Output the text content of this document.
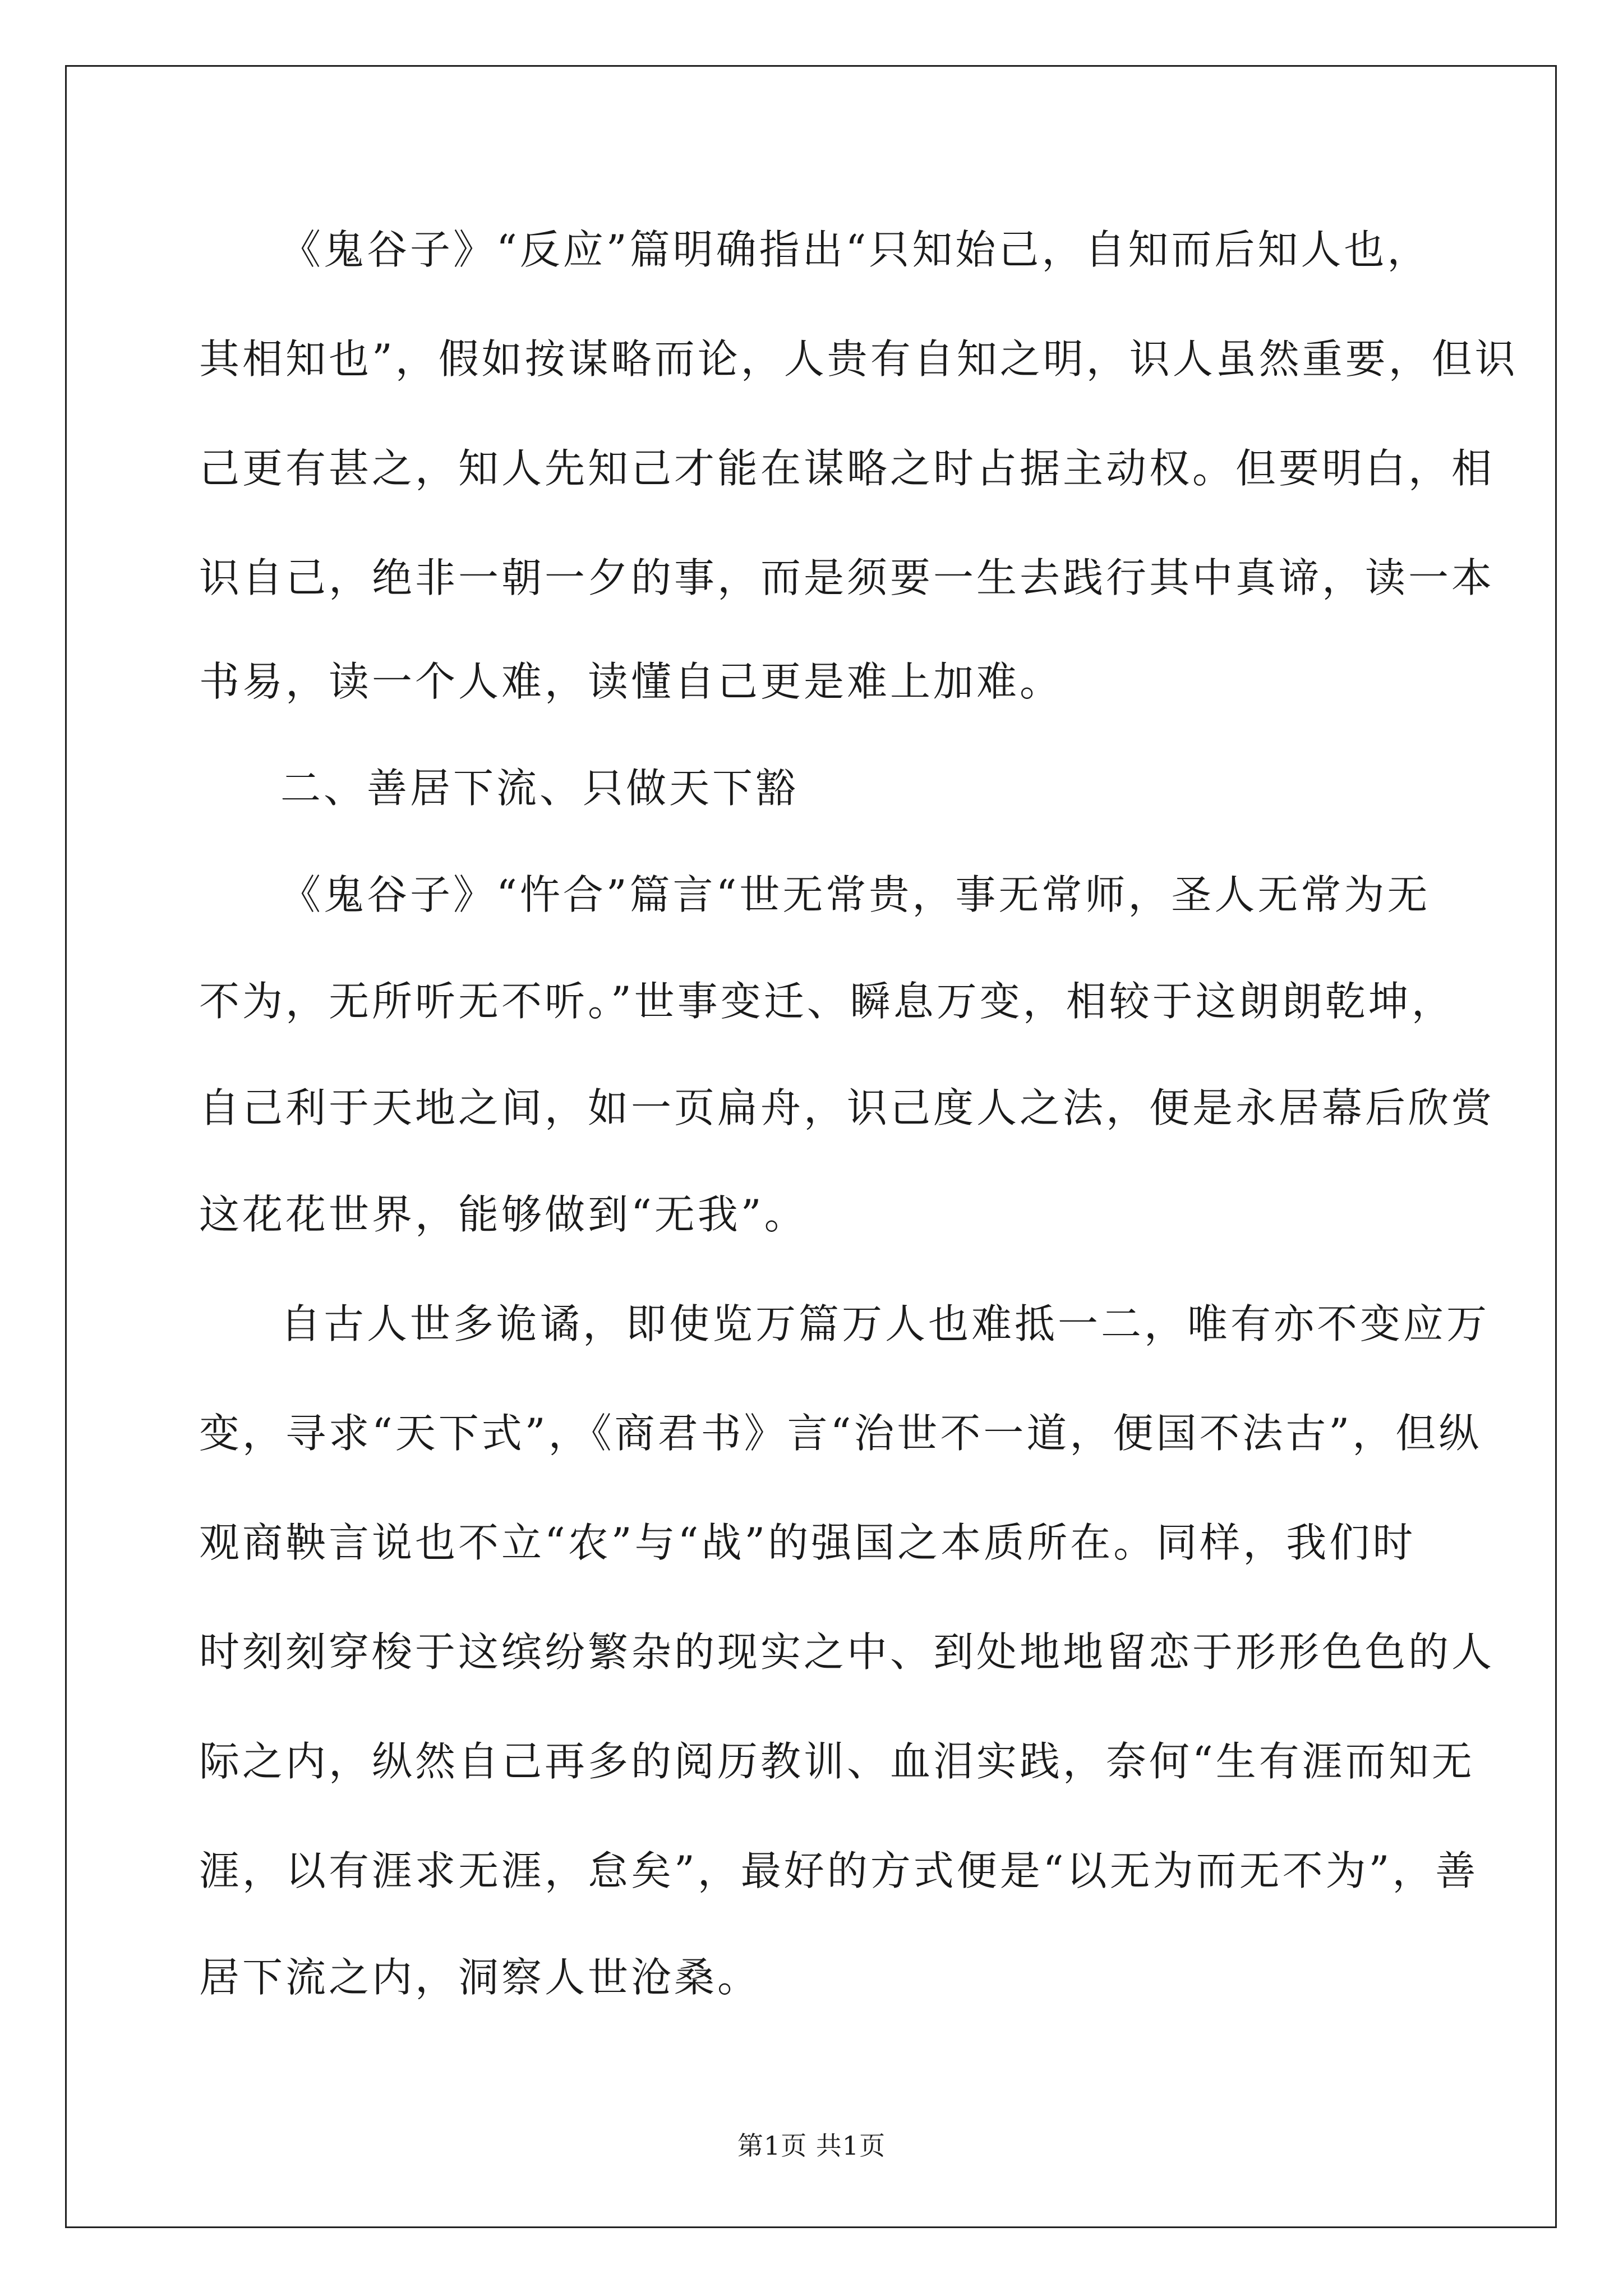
《鬼谷子》“反应”篇明确指出“只知始己，自知而后知人也，
其相知也”，假如按谋略而论，人贵有自知之明，识人虽然重要，但识
己更有甚之，知人先知己才能在谋略之时占据主动权。但要明白，相
识自己，绝非一朝一夕的事，而是须要一生去践行其中真谛，读一本
书易，读一个人难，读懂自己更是难上加难。
二、善居下流、只做天下豁
《鬼谷子》“忤合”篇言“世无常贵，事无常师，圣人无常为无
不为，无所听无不听。”世事变迁、瞬息万变，相较于这朗朗乾坤，
自己利于天地之间，如一页扁舟，识己度人之法，便是永居幕后欣赏
这花花世界，能够做到“无我”。
自古人世多诡谲，即使览万篇万人也难抵一二，唯有亦不变应万
变，寻求“天下式”，《商君书》言“治世不一道，便国不法古”，但纵
观商鞅言说也不立“农”与“战”的强国之本质所在。同样，我们时
时刻刻穿梭于这缤纷繁杂的现实之中、到处地地留恋于形形色色的人
际之内，纵然自己再多的阅历教训、血泪实践，奈何“生有涯而知无
涯，以有涯求无涯，怠矣”，最好的方式便是“以无为而无不为”，善
居下流之内，洞察人世沧桑。
第1页 共1页
